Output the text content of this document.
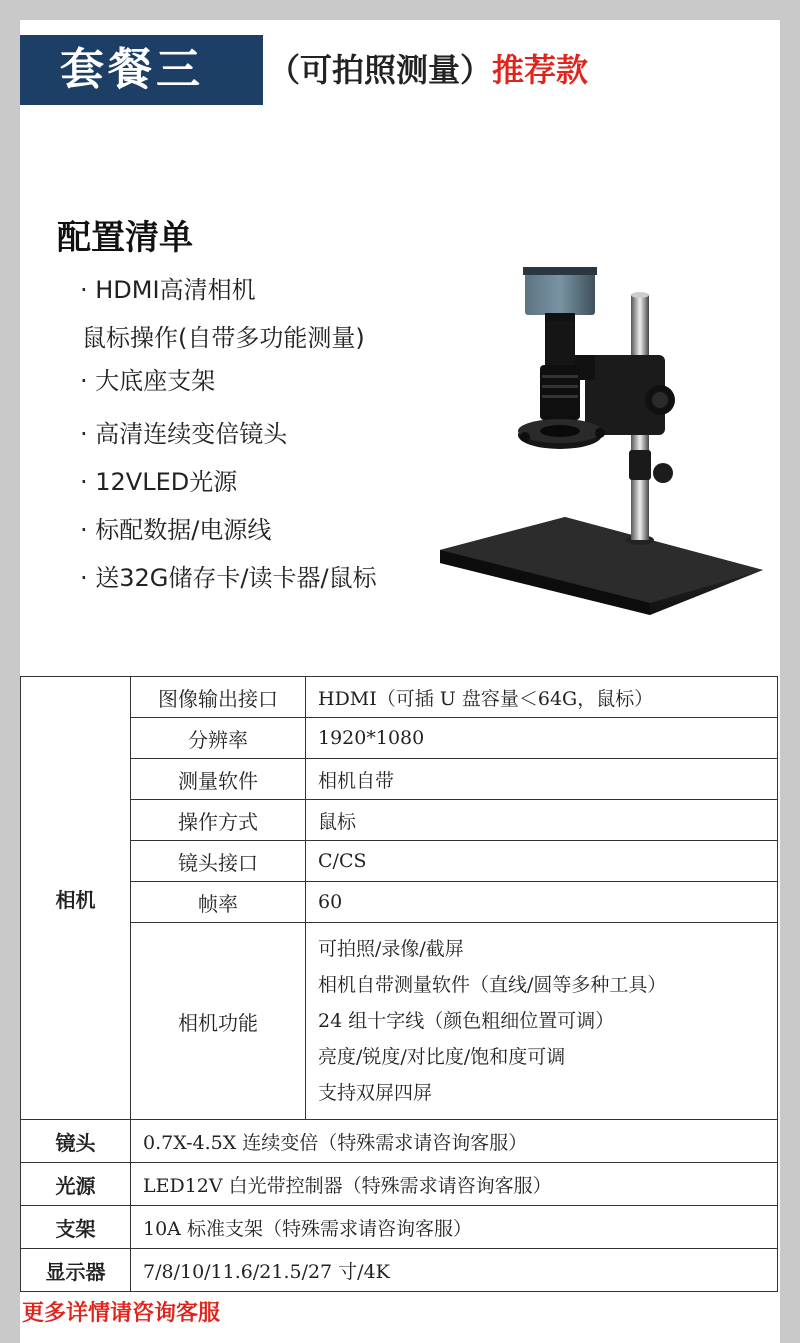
套餐三	（可拍照测量）推荐款
配置清单
· HDMI高清相机
鼠标操作(自带多功能测量)
· 大底座支架
· 高清连续变倍镜头
· 12VLED光源
· 标配数据/电源线
· 送32G储存卡/读卡器/鼠标
相机	图像输出接口	HDMI（可插 U 盘容量＜64G，鼠标）
	分辨率	1920*1080
	测量软件	相机自带
	操作方式	鼠标
	镜头接口	C/CS
	帧率	60
	相机功能	可拍照/录像/截屏
相机自带测量软件（直线/圆等多种工具）
24 组十字线（颜色粗细位置可调）
亮度/锐度/对比度/饱和度可调
支持双屏四屏

镜头	0.7X-4.5X 连续变倍（特殊需求请咨询客服）	
光源	LED12V 白光带控制器（特殊需求请咨询客服）	
支架	10A 标准支架（特殊需求请咨询客服）	
显示器	7/8/10/11.6/21.5/27 寸/4K	
更多详情请咨询客服
